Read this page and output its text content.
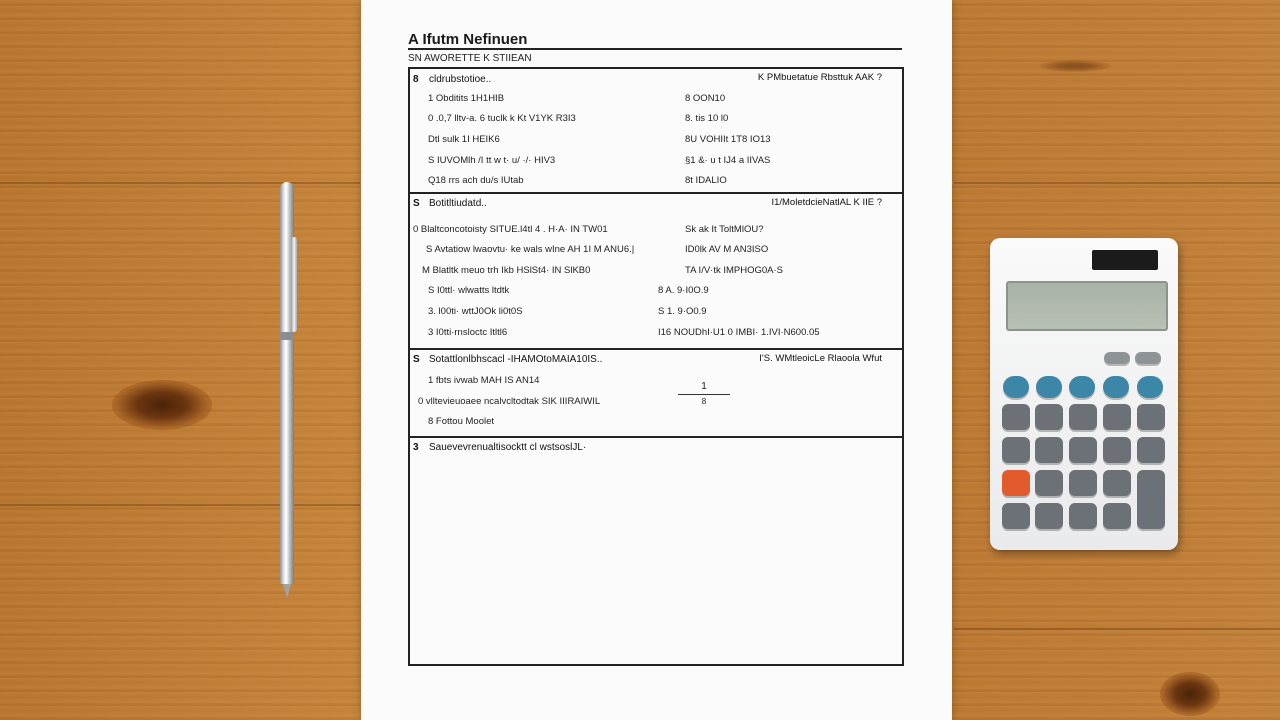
A Ifutm Nefinuen
SN AWORETTE K STIIEAN
8 cldrubstotioe..	K PMbuetatue Rbsttuk AAK ?
1 Obditits 1H1HIB	8 OON10
0 .0,7 lltv-a. 6 tuclk k Kt V1YK R3I3	8. tis 10 l0
Dtl sulk 1I HEIK6	8U VOHIIt 1T8 IO13
S IUVOMlh /I tt w t· u/ ·/· HIV3	§1 &· u t IJ4 a IIVAS
Q18 rrs ach du/s IUtab	8t IDALIO
S Botitltiudatd..	I1/MoletdcieNatlAL K IIE ?
0 Blaltconcotoisty SITUE.l4tl 4 . H·A· IN TW01	Sk ak It ToltMlOU?
S Avtatiow lwaovtu· ke wals wIne AH 1I M ANU6.|	ID0lk AV M AN3ISO
M Blatltk meuo trh Ikb HSlSt4· IN SlKB0	TA I/V·tk IMPHOG0A·S
S I0ttl· wlwatts ltdtk	8 A. 9·I0O.9
3. l00ti· wttJ0Ok li0t0S	S 1. 9·O0.9
3 I0tti·rnsloctc Itltl6	I16 NOUDhI·U1 0 IMBI· 1.IVI·N600.05
S Sotattlonlbhscacl -IHAMOtoMAIA10IS..	I'S. WMtleoicLe Rlaoola Wfut
1 fbts ivwab MAH IS AN14
0 vlltevieuoaee ncalvcltodtak SIK IIIRAIWIL
8 Fottou Moolet
1
8
3 Sauevevrenualtisocktt cl wstsoslJL·
